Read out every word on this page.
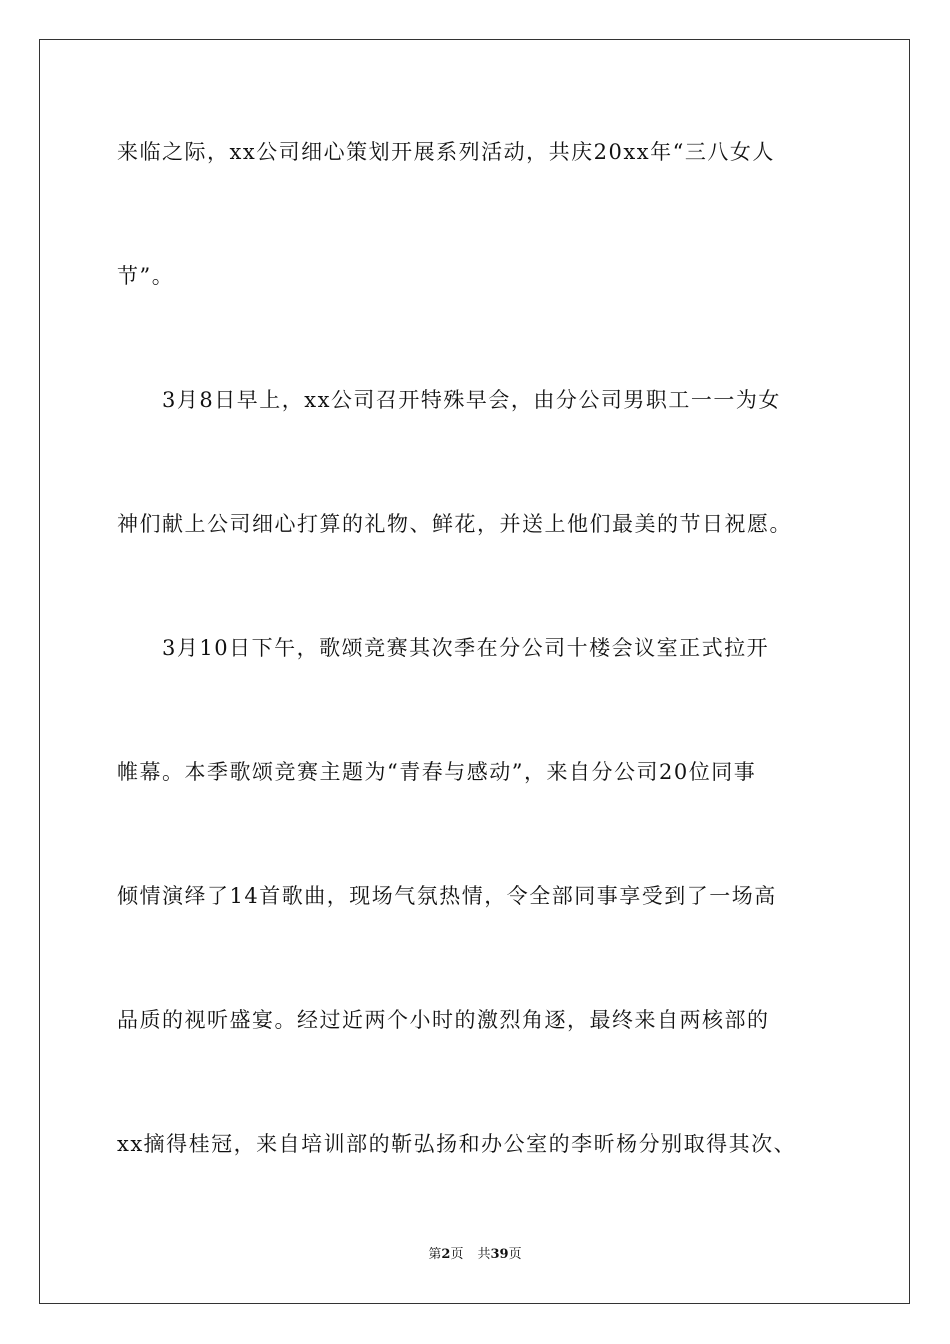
来临之际，xx公司细心策划开展系列活动，共庆20xx年“三八女人
节”。
3月8日早上，xx公司召开特殊早会，由分公司男职工一一为女
神们献上公司细心打算的礼物、鲜花，并送上他们最美的节日祝愿。
3月10日下午，歌颂竞赛其次季在分公司十楼会议室正式拉开
帷幕。本季歌颂竞赛主题为“青春与感动”，来自分公司20位同事
倾情演绎了14首歌曲，现场气氛热情，令全部同事享受到了一场高
品质的视听盛宴。经过近两个小时的激烈角逐，最终来自两核部的
xx摘得桂冠，来自培训部的靳弘扬和办公室的李昕杨分别取得其次、
第2页 共39页
